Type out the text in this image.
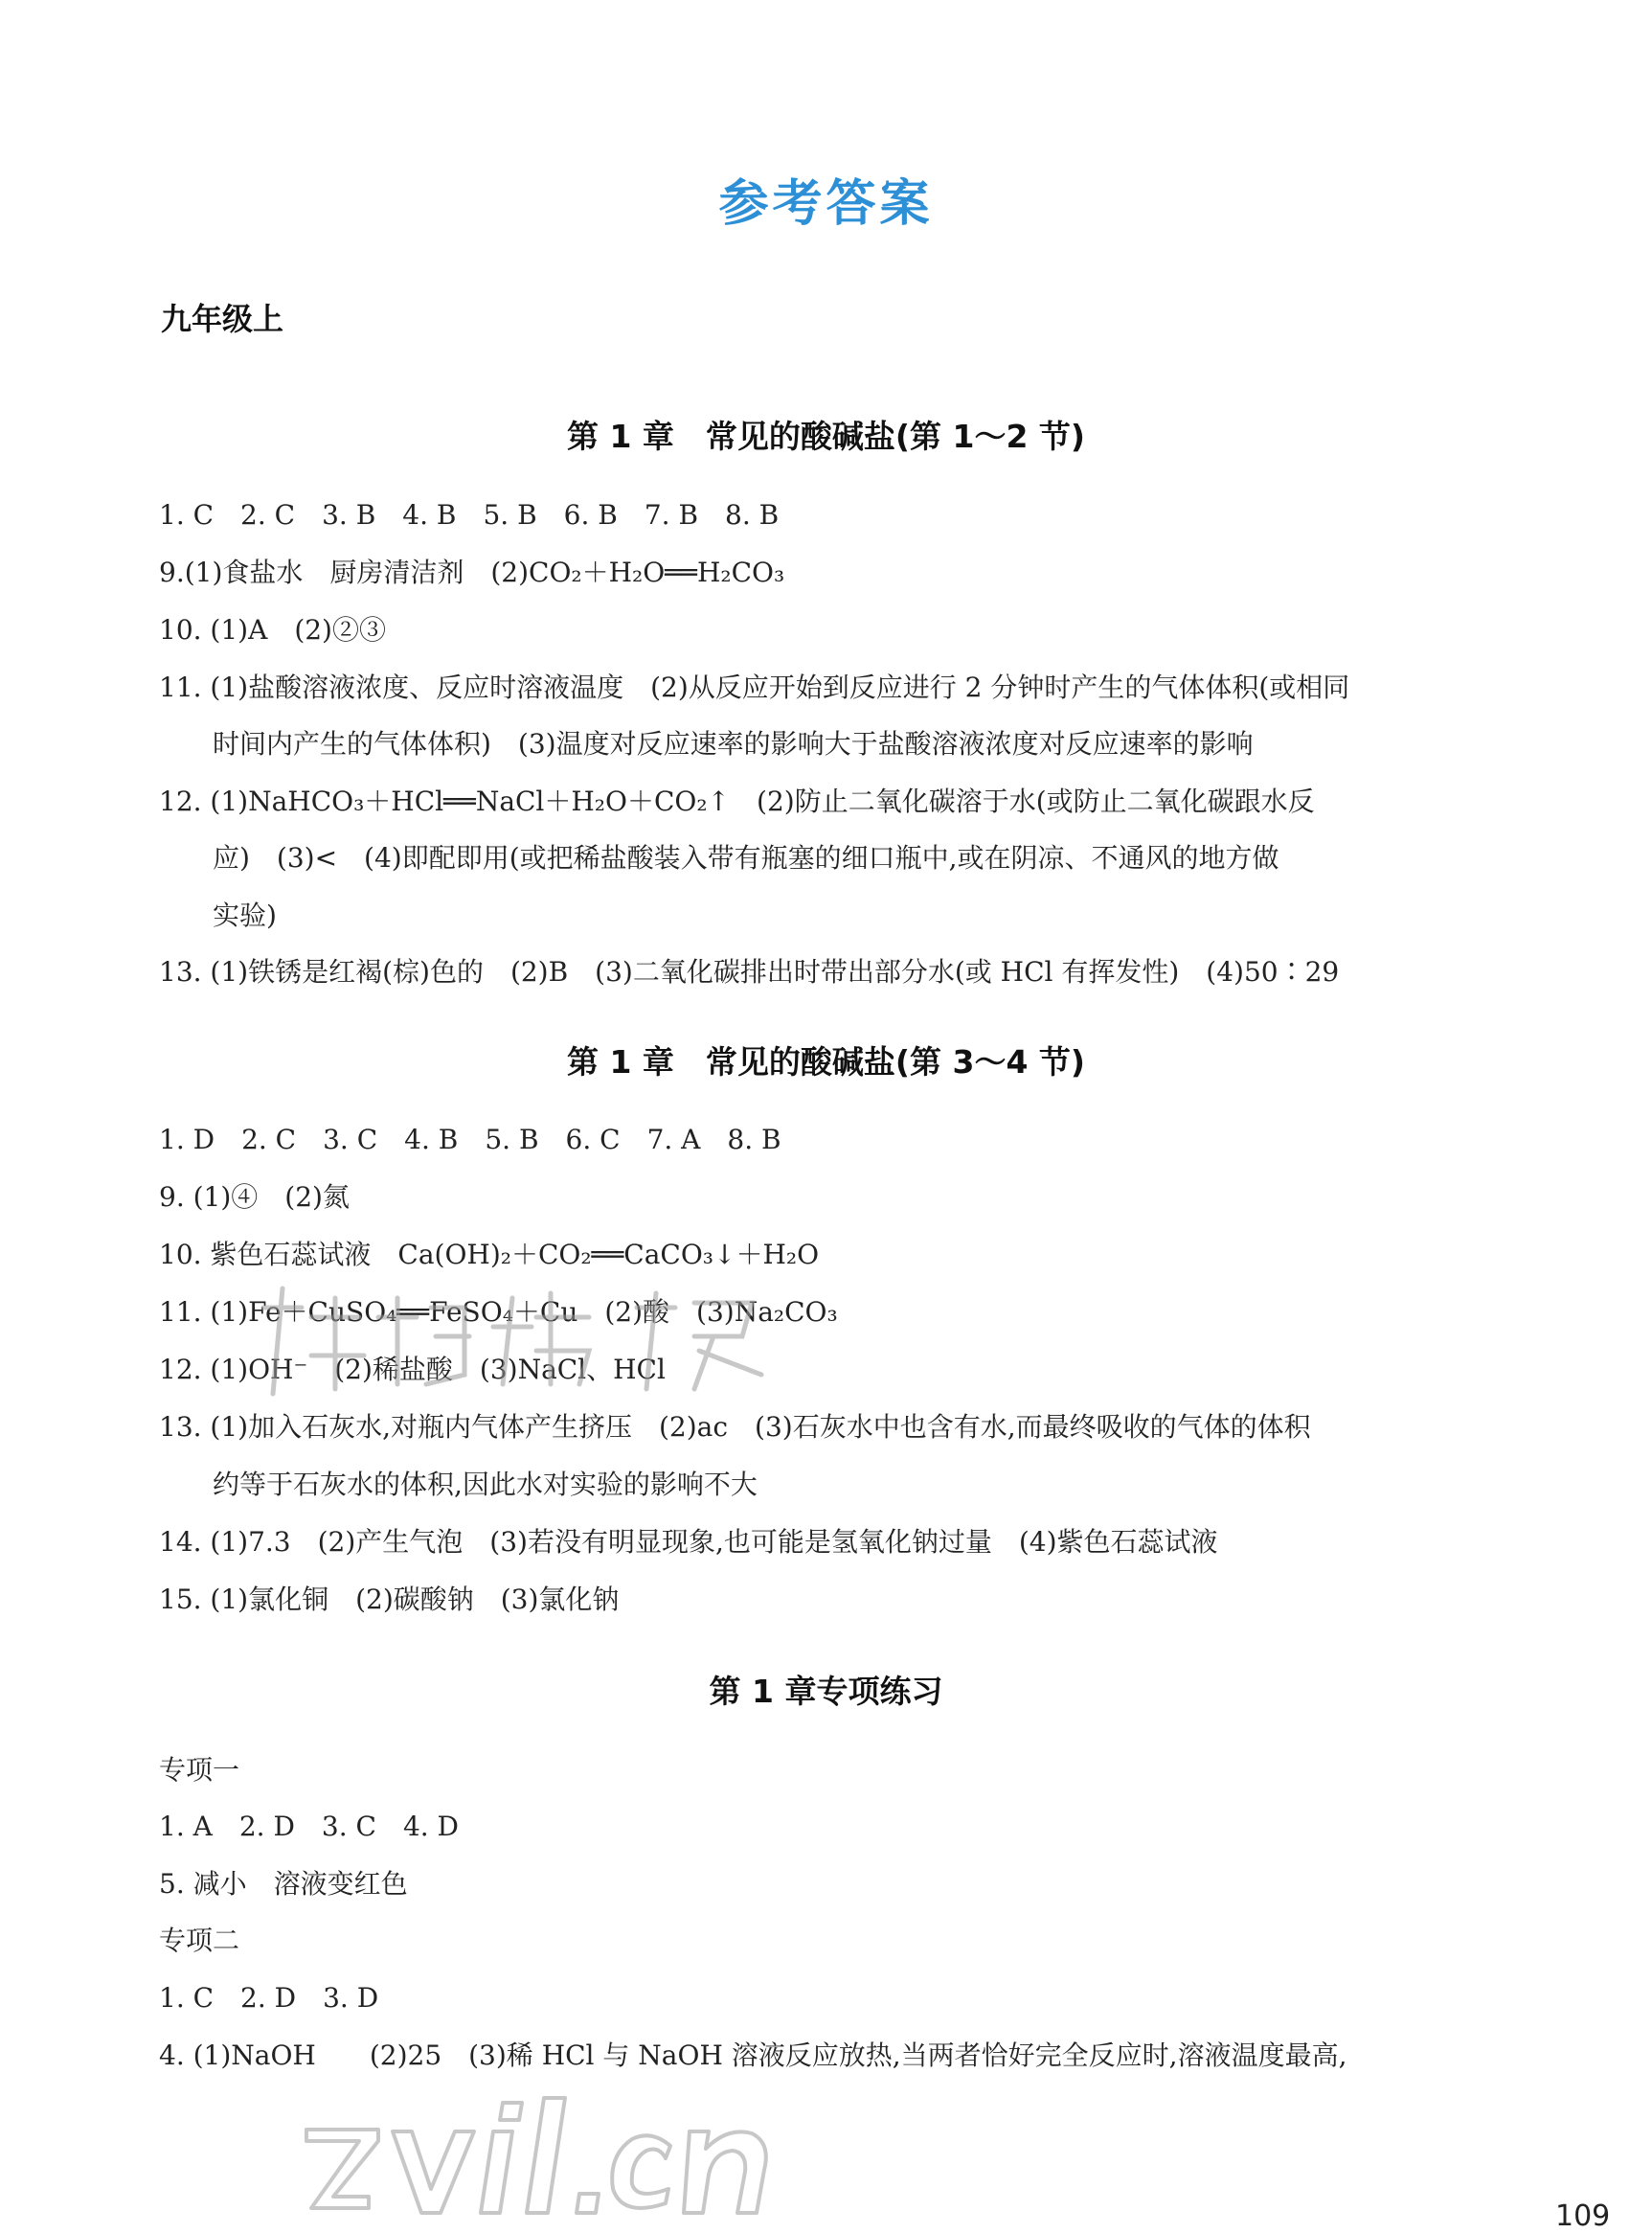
参考答案
九年级上
第 1 章　常见的酸碱盐(第 1～2 节)
1. C　2. C　3. B　4. B　5. B　6. B　7. B　8. B
9.(1)食盐水　厨房清洁剂　(2)CO₂＋H₂O══H₂CO₃
10. (1)A　(2)②③
11. (1)盐酸溶液浓度、反应时溶液温度　(2)从反应开始到反应进行 2 分钟时产生的气体体积(或相同
时间内产生的气体体积)　(3)温度对反应速率的影响大于盐酸溶液浓度对反应速率的影响
12. (1)NaHCO₃＋HCl══NaCl＋H₂O＋CO₂↑　(2)防止二氧化碳溶于水(或防止二氧化碳跟水反
应)　(3)<　(4)即配即用(或把稀盐酸装入带有瓶塞的细口瓶中,或在阴凉、不通风的地方做
实验)
13. (1)铁锈是红褐(棕)色的　(2)B　(3)二氧化碳排出时带出部分水(或 HCl 有挥发性)　(4)50∶29
第 1 章　常见的酸碱盐(第 3～4 节)
1. D　2. C　3. C　4. B　5. B　6. C　7. A　8. B
9. (1)④　(2)氮
10. 紫色石蕊试液　Ca(OH)₂＋CO₂══CaCO₃↓＋H₂O
11. (1)Fe＋CuSO₄══FeSO₄＋Cu　(2)酸　(3)Na₂CO₃
12. (1)OH⁻　(2)稀盐酸　(3)NaCl、HCl
13. (1)加入石灰水,对瓶内气体产生挤压　(2)ac　(3)石灰水中也含有水,而最终吸收的气体的体积
约等于石灰水的体积,因此水对实验的影响不大
14. (1)7.3　(2)产生气泡　(3)若没有明显现象,也可能是氢氧化钠过量　(4)紫色石蕊试液
15. (1)氯化铜　(2)碳酸钠　(3)氯化钠
第 1 章专项练习
专项一
1. A　2. D　3. C　4. D
5. 减小　溶液变红色
专项二
1. C　2. D　3. D
4. (1)NaOH　　(2)25　(3)稀 HCl 与 NaOH 溶液反应放热,当两者恰好完全反应时,溶液温度最高,
109
